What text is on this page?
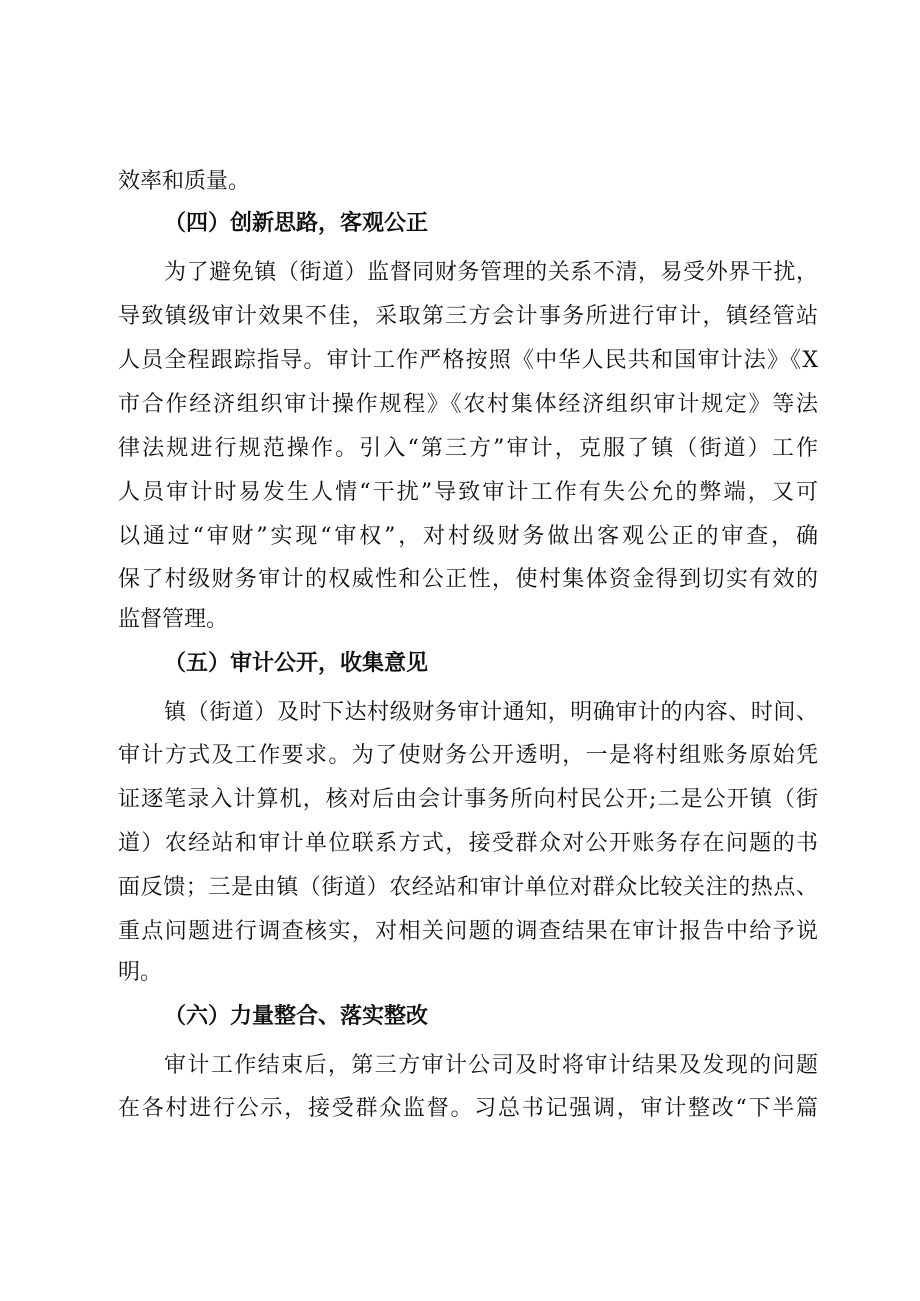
效率和质量。
（四）创新思路，客观公正
为了避免镇（街道）监督同财务管理的关系不清，易受外界干扰，
导致镇级审计效果不佳，采取第三方会计事务所进行审计，镇经管站
人员全程跟踪指导。审计工作严格按照《中华人民共和国审计法》《X
市合作经济组织审计操作规程》《农村集体经济组织审计规定》等法
律法规进行规范操作。引入“第三方”审计，克服了镇（街道）工作
人员审计时易发生人情“干扰”导致审计工作有失公允的弊端，又可
以通过“审财”实现“审权”，对村级财务做出客观公正的审查，确
保了村级财务审计的权威性和公正性，使村集体资金得到切实有效的
监督管理。
（五）审计公开，收集意见
镇（街道）及时下达村级财务审计通知，明确审计的内容、时间、
审计方式及工作要求。为了使财务公开透明，一是将村组账务原始凭
证逐笔录入计算机，核对后由会计事务所向村民公开;二是公开镇（街
道）农经站和审计单位联系方式，接受群众对公开账务存在问题的书
面反馈；三是由镇（街道）农经站和审计单位对群众比较关注的热点、
重点问题进行调查核实，对相关问题的调查结果在审计报告中给予说
明。
（六）力量整合、落实整改
审计工作结束后，第三方审计公司及时将审计结果及发现的问题
在各村进行公示，接受群众监督。习总书记强调，审计整改“下半篇
